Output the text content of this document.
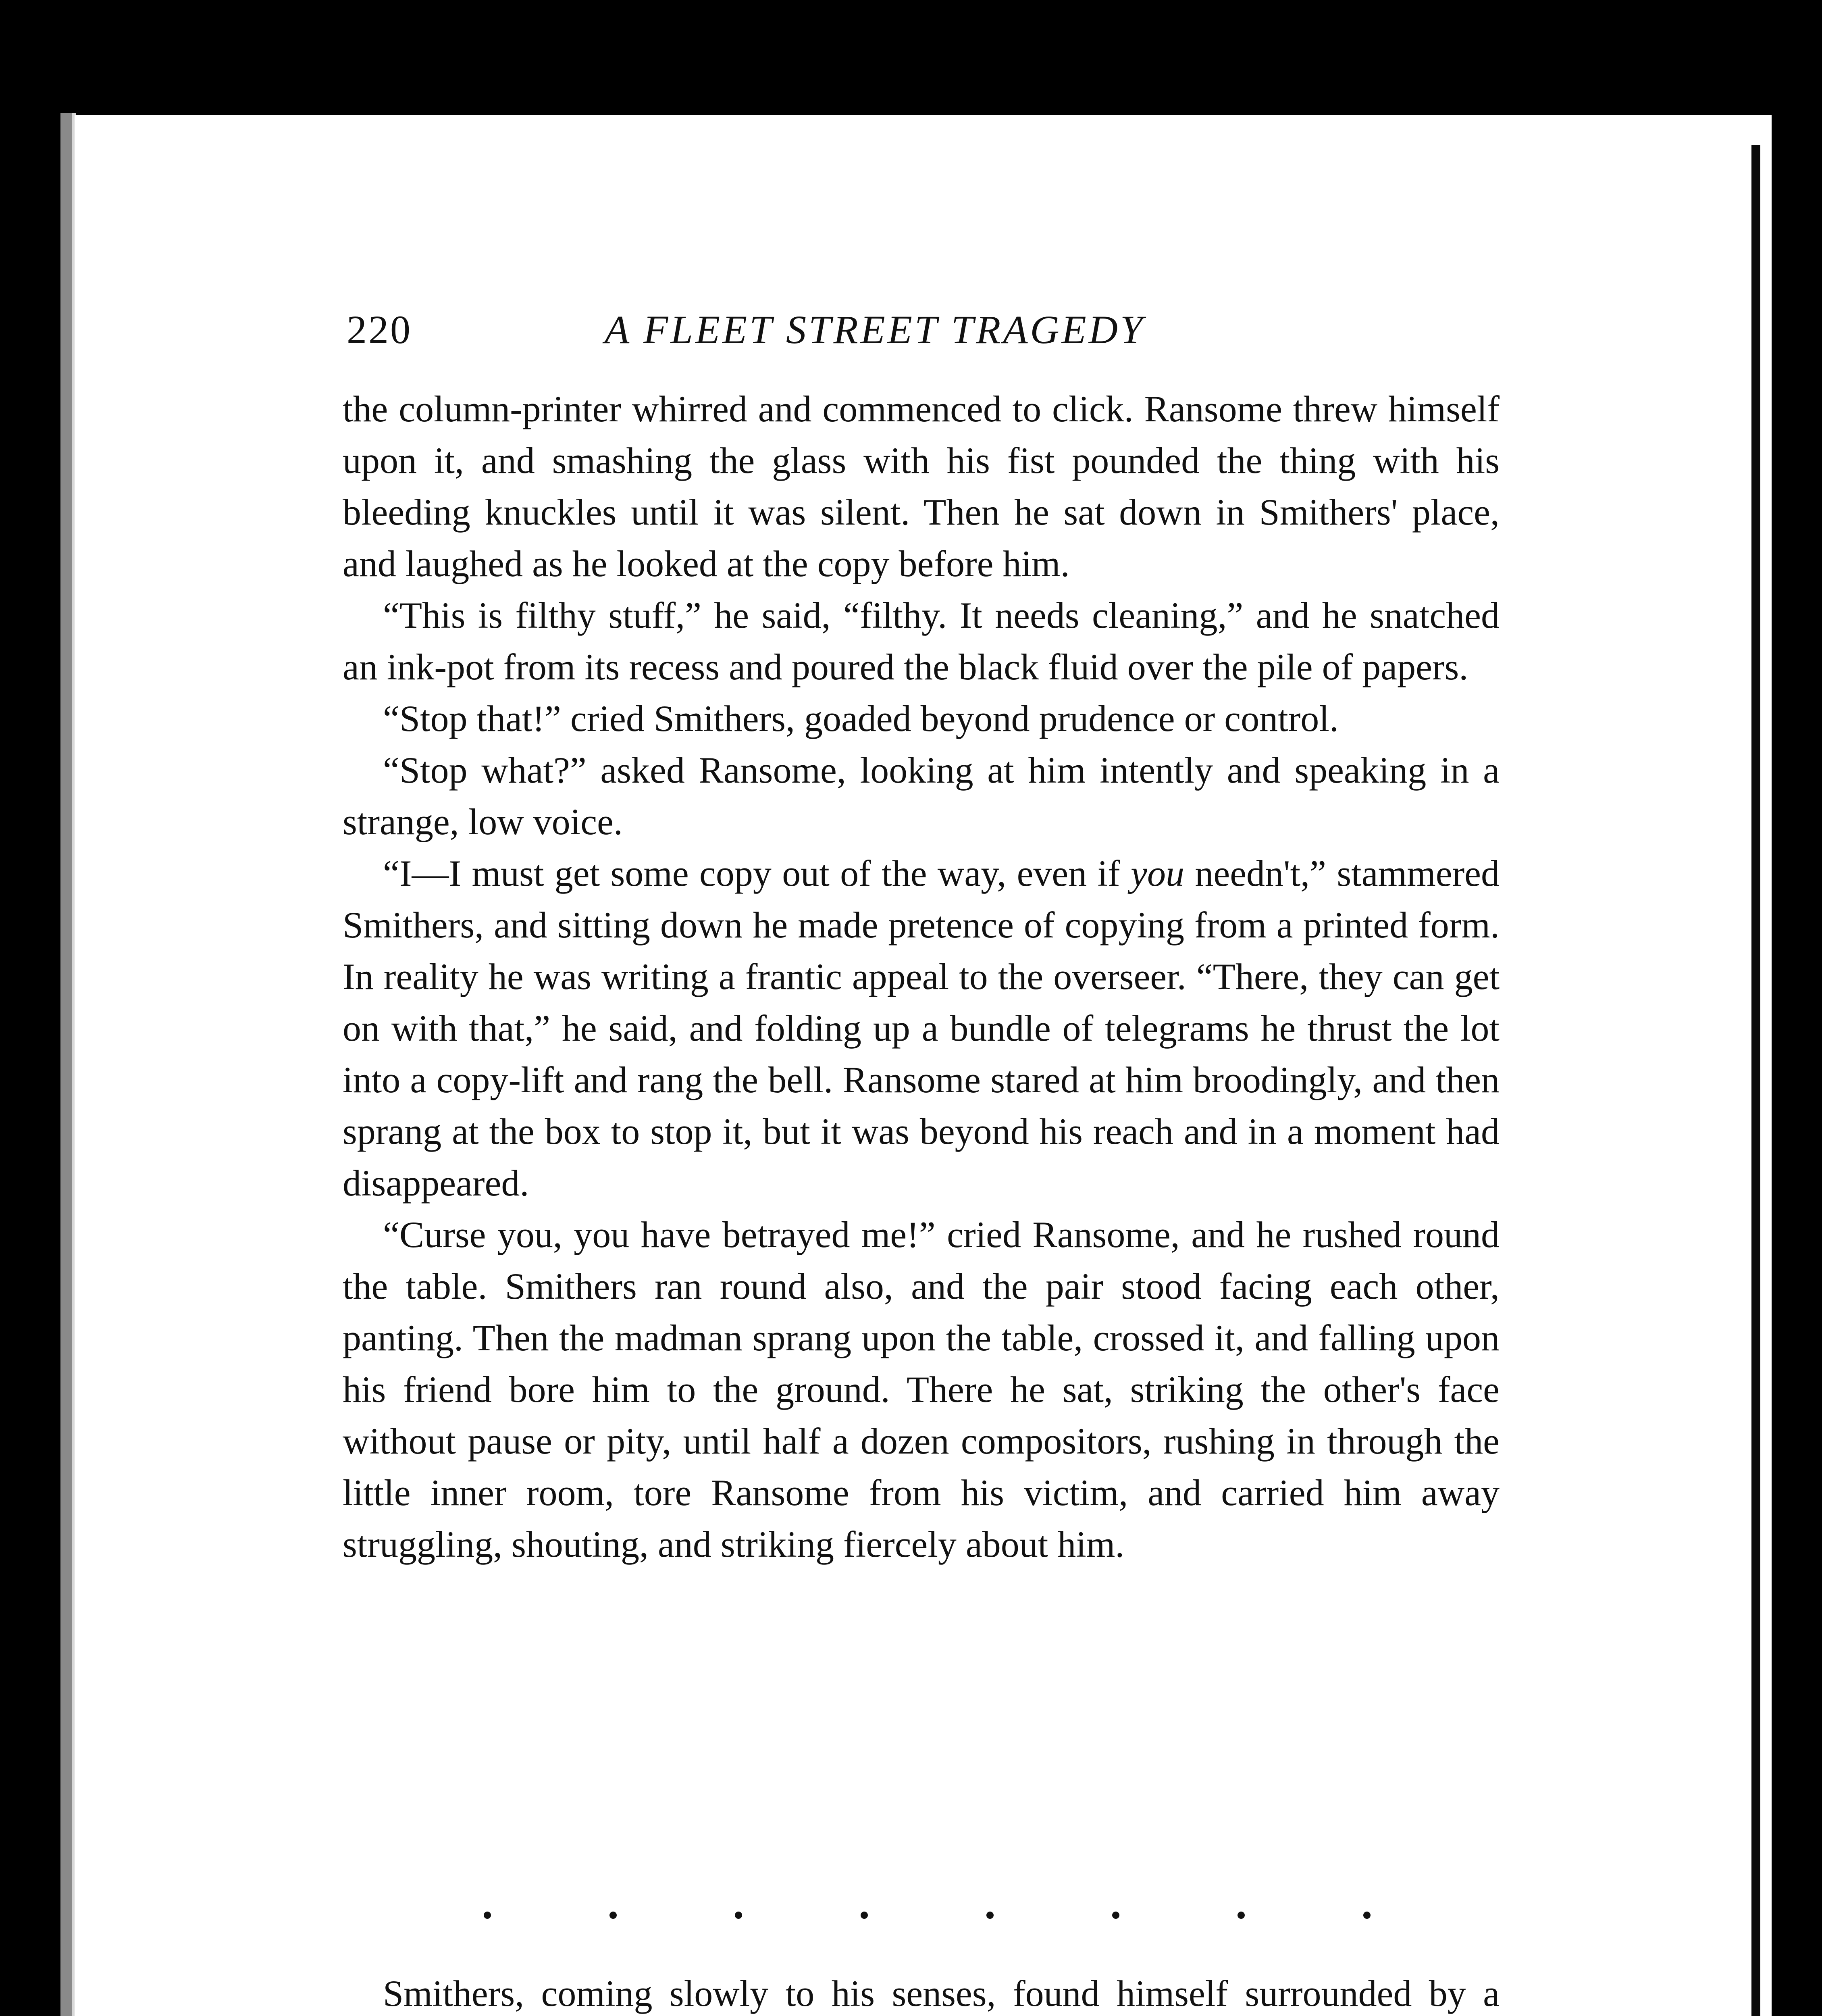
220	A FLEET STREET TRAGEDY

the column-printer whirred and commenced to click. Ransome threw himself upon it, and smashing the glass with his fist pounded the thing with his bleeding knuckles until it was silent. Then he sat down in Smithers' place, and laughed as he looked at the copy before him.

“This is filthy stuff,” he said, “filthy. It needs cleaning,” and he snatched an ink-pot from its recess and poured the black fluid over the pile of papers.

“Stop that!” cried Smithers, goaded beyond prudence or control.

“Stop what?” asked Ransome, looking at him intently and speaking in a strange, low voice.

“I—I must get some copy out of the way, even if you needn't,” stammered Smithers, and sitting down he made pretence of copying from a printed form. In reality he was writing a frantic appeal to the overseer. “There, they can get on with that,” he said, and folding up a bundle of telegrams he thrust the lot into a copy-lift and rang the bell. Ransome stared at him broodingly, and then sprang at the box to stop it, but it was beyond his reach and in a moment had disappeared.

“Curse you, you have betrayed me!” cried Ransome, and he rushed round the table. Smithers ran round also, and the pair stood facing each other, panting. Then the madman sprang upon the table, crossed it, and falling upon his friend bore him to the ground. There he sat, striking the other's face without pause or pity, until half a dozen compositors, rushing in through the little inner room, tore Ransome from his victim, and carried him away struggling, shouting, and striking fiercely about him.

Smithers, coming slowly to his senses, found himself surrounded by a
